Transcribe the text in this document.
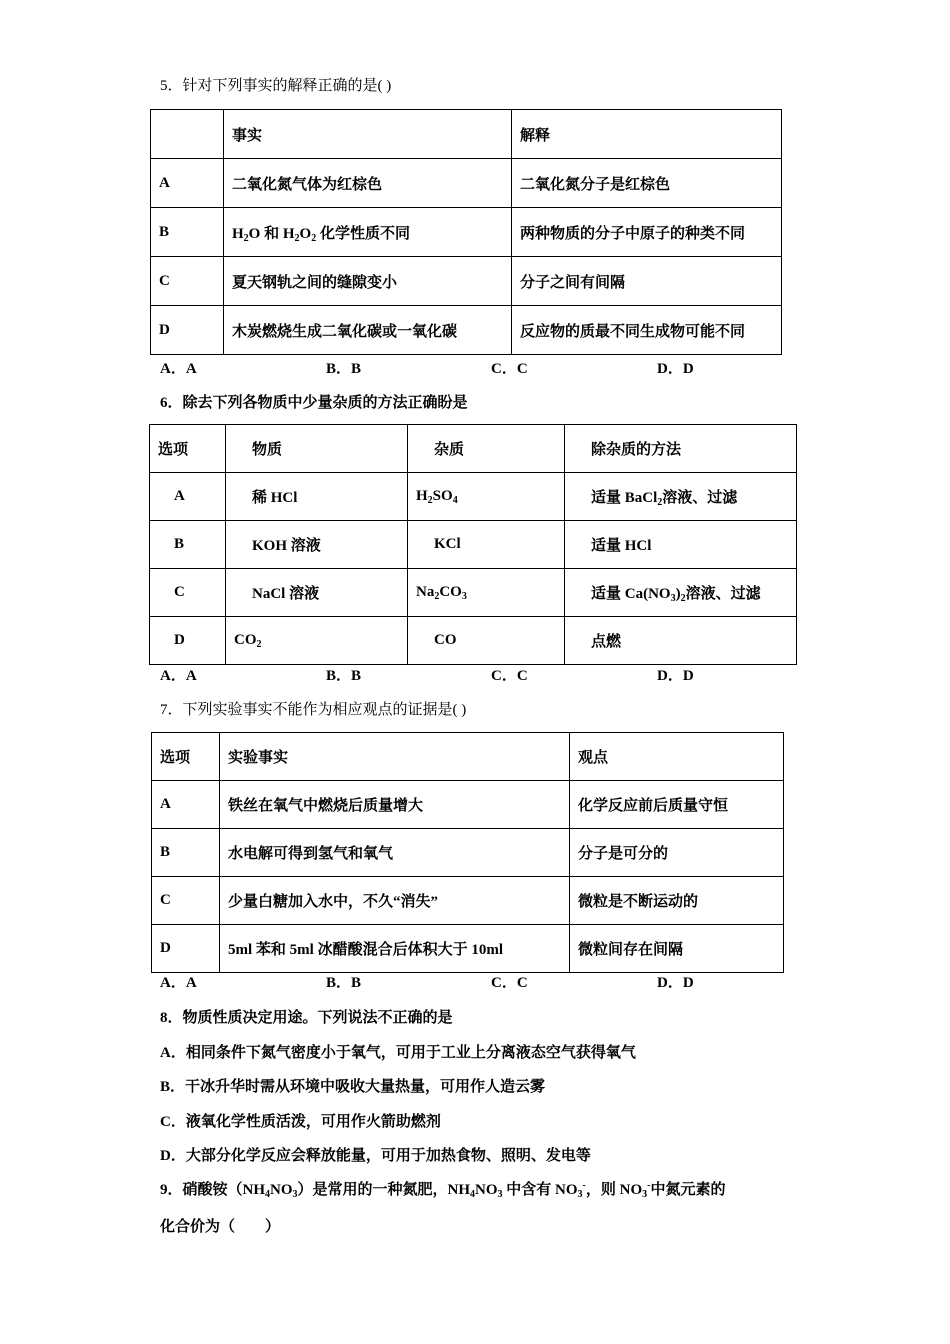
5．针对下列事实的解释正确的是( )

	事实	解释
A	二氧化氮气体为红棕色	二氧化氮分子是红棕色
B	$H_2O$ 和 $H_2O_2$ 化学性质不同	两种物质的分子中原子的种类不同
C	夏天钢轨之间的缝隙变小	分子之间有间隔
D	木炭燃烧生成二氧化碳或一氧化碳	反应物的质最不同生成物可能不同
A．A	B．B	C．C	D．D

6．除去下列各物质中少量杂质的方法正确盼是

选项	物质	杂质	除杂质的方法
A	稀 HCl	$H_2SO_4$	适量 BaCl$_2$溶液、过滤
B	KOH 溶液	KCl	适量 HCl
C	NaCl 溶液	$Na_2CO_3$	适量 $Ca(NO_3)_2$溶液、过滤
D	$CO_2$	CO	点燃
A．A	B．B	C．C	D．D

7．下列实验事实不能作为相应观点的证据是( )

选项	实验事实	观点
A	铁丝在氧气中燃烧后质量增大	化学反应前后质量守恒
B	水电解可得到氢气和氧气	分子是可分的
C	少量白糖加入水中，不久“消失”	微粒是不断运动的
D	5ml 苯和 5ml 冰醋酸混合后体积大于 10ml	微粒间存在间隔
A．A	B．B	C．C	D．D

8．物质性质决定用途。下列说法不正确的是

A．相同条件下氮气密度小于氧气，可用于工业上分离液态空气获得氧气
B．干冰升华时需从环境中吸收大量热量，可用作人造云雾
C．液氧化学性质活泼，可用作火箭助燃剂
D．大部分化学反应会释放能量，可用于加热食物、照明、发电等
9．硝酸铵$(NH_4NO_3)$是常用的一种氮肥，$NH_4NO_3$ 中含有 $NO_3^-$，则 $NO_3^-$中氮元素的
化合价为（　　）
